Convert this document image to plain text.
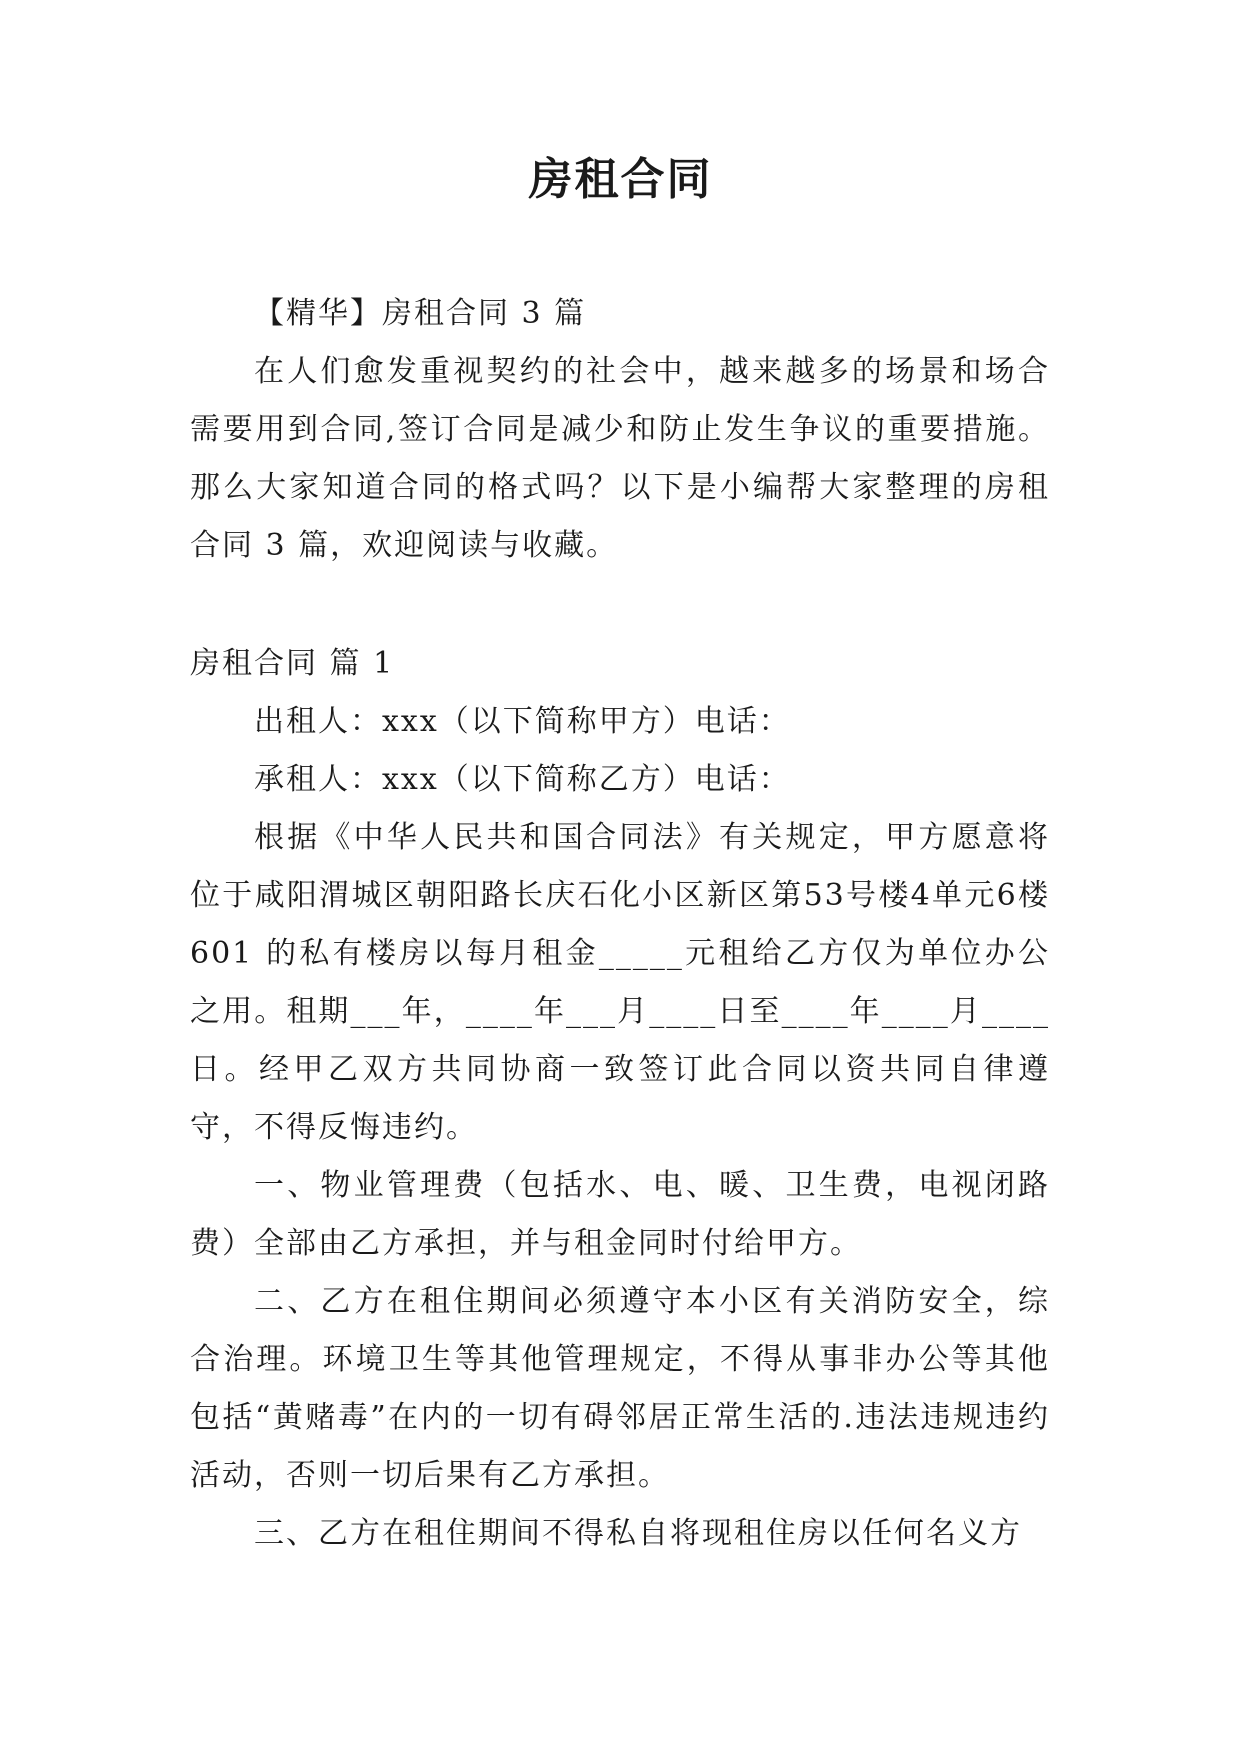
房租合同

【精华】房租合同 3 篇

在人们愈发重视契约的社会中，越来越多的场景和场合需要用到合同,签订合同是减少和防止发生争议的重要措施。那么大家知道合同的格式吗？以下是小编帮大家整理的房租合同 3 篇，欢迎阅读与收藏。

房租合同 篇 1

出租人：xxx（以下简称甲方）电话：

承租人：xxx（以下简称乙方）电话：

根据《中华人民共和国合同法》有关规定，甲方愿意将位于咸阳渭城区朝阳路长庆石化小区新区第53号楼4单元6楼 601 的私有楼房以每月租金_____元租给乙方仅为单位办公之用。租期___年，____年___月____日至____年____月____日。经甲乙双方共同协商一致签订此合同以资共同自律遵守，不得反悔违约。

一、物业管理费（包括水、电、暖、卫生费，电视闭路费）全部由乙方承担，并与租金同时付给甲方。

二、乙方在租住期间必须遵守本小区有关消防安全，综合治理。环境卫生等其他管理规定，不得从事非办公等其他包括“黄赌毒”在内的一切有碍邻居正常生活的.违法违规违约活动，否则一切后果有乙方承担。

三、乙方在租住期间不得私自将现租住房以任何名义方
